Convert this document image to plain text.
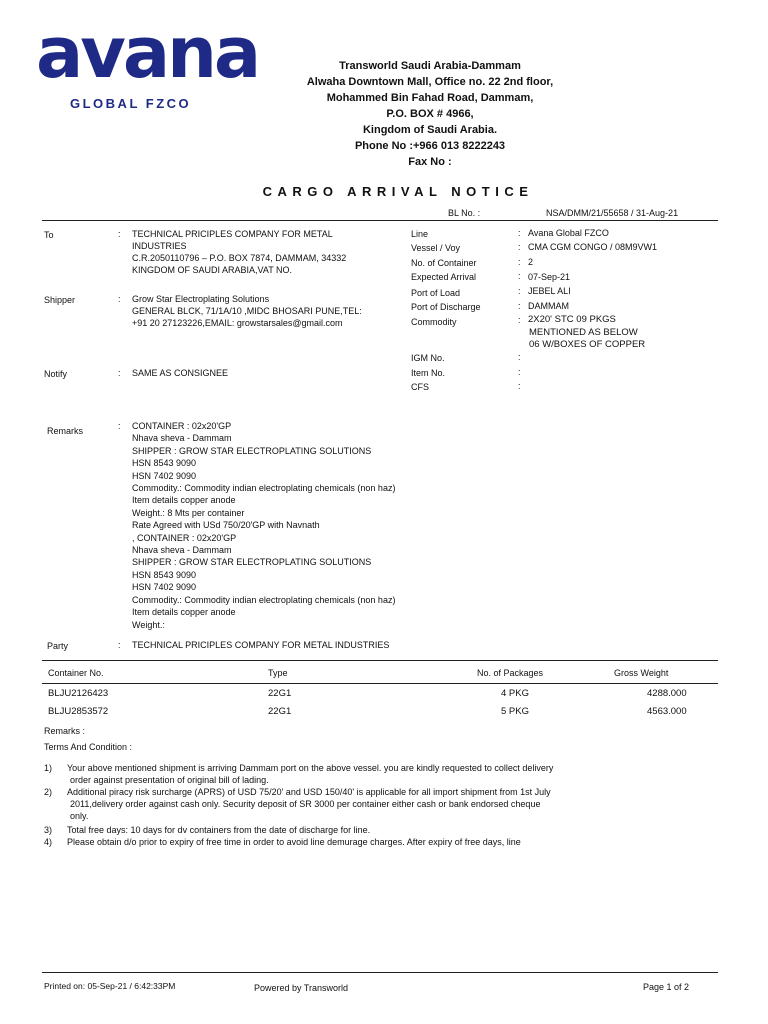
avana
GLOBAL FZCO
Transworld Saudi Arabia-Dammam
Alwaha Downtown Mall, Office no. 22 2nd floor,
Mohammed Bin Fahad Road, Dammam,
P.O. BOX # 4966,
Kingdom of Saudi Arabia.
Phone No :+966 013 8222243
Fax No :
CARGO ARRIVAL NOTICE
BL No. :	NSA/DMM/21/55658 / 31-Aug-21
To	: TECHNICAL PRICIPLES COMPANY FOR METAL
INDUSTRIES
C.R.2050110796 – P.O. BOX 7874, DAMMAM, 34332
KINGDOM OF SAUDI ARABIA,VAT NO.
Shipper	: Grow Star Electroplating Solutions
GENERAL BLCK, 71/1A/10 ,MIDC BHOSARI PUNE,TEL:
+91 20 27123226,EMAIL: growstarsales@gmail.com
Notify	: SAME AS CONSIGNEE
Line	: Avana Global FZCO
Vessel / Voy	: CMA CGM CONGO / 08M9VW1
No. of Container	: 2
Expected Arrival	: 07-Sep-21
Port of Load	: JEBEL ALI
Port of Discharge	: DAMMAM
Commodity	: 2X20' STC 09 PKGS
MENTIONED AS BELOW
06 W/BOXES OF COPPER
IGM No.	:
Item No.	:
CFS	:
Remarks	: CONTAINER : 02x20'GP
Nhava sheva - Dammam
SHIPPER : GROW STAR ELECTROPLATING SOLUTIONS
HSN 8543 9090
HSN 7402 9090
Commodity.: Commodity indian electroplating chemicals (non haz)
Item details copper anode
Weight.: 8 Mts per container
Rate Agreed with USd 750/20'GP with Navnath
, CONTAINER : 02x20'GP
Nhava sheva - Dammam
SHIPPER : GROW STAR ELECTROPLATING SOLUTIONS
HSN 8543 9090
HSN 7402 9090
Commodity.: Commodity indian electroplating chemicals (non haz)
Item details copper anode
Weight.:
Party	: TECHNICAL PRICIPLES COMPANY FOR METAL INDUSTRIES
Container No.	Type	No. of Packages	Gross Weight
BLJU2126423	22G1	4 PKG	4288.000
BLJU2853572	22G1	5 PKG	4563.000
Remarks :
Terms And Condition :
1) Your above mentioned shipment is arriving Dammam port on the above vessel. you are kindly requested to collect delivery
order against presentation of original bill of lading.
2) Additional piracy risk surcharge (APRS) of USD 75/20' and USD 150/40' is applicable for all import shipment from 1st July
2011,delivery order against cash only. Security deposit of SR 3000 per container either cash or bank endorsed cheque
only.
3) Total free days: 10 days for dv containers from the date of discharge for line.
4) Please obtain d/o prior to expiry of free time in order to avoid line demurage charges. After expiry of free days, line
Printed on: 05-Sep-21 / 6:42:33PM	Powered by Transworld	Page 1 of 2
